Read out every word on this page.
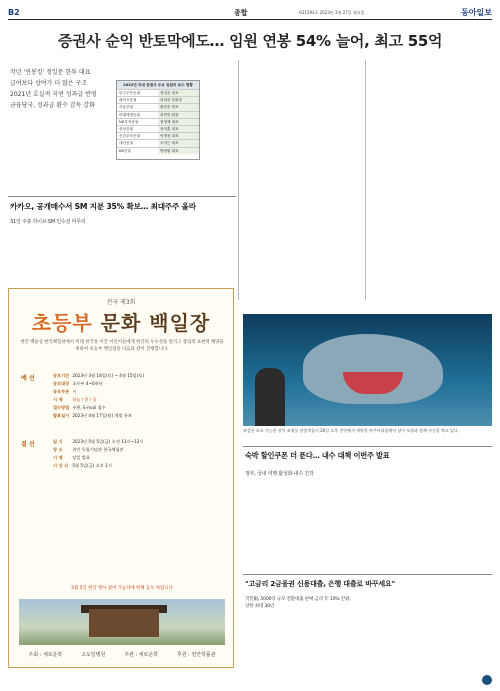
B2	종합	제31593호 2023년 3월 27일 월요일	동아일보
증권사 순익 반토막에도… 임원 연봉 54% 늘어, 최고 55억
작년 '연봉킹' 정일문 한투 대표
급여보다 상여가 더 많은 구조
2021년 호실적 지연 성과급 반영
금융당국, 성과급 환수 감독 강화
2022년 국내 증권사 주요 임원의 보수 현황
한국투자증권	정일문 대표
메리츠증권	최희문 부회장
키움증권	황현순 대표
미래에셋증권	최현만 회장
NH투자증권	정영채 대표
삼성증권	장석훈 대표
신한투자증권	이영창 대표
대신증권	오익근 대표
KB증권	박정림 대표
카카오, 공개매수서 SM 지분 35% 확보… 최대주주 올라
31일 주총 하이브·SM 인수전 마무리
전국 제3회
초등부 문화 백일장
천안 백윤칭 한국체험관에서 미래 한국을 이끌 어린이들에게 한글의 우수성을 알리고 창의적 표현력 배양을 위하여 초등부 백일장을 다음과 같이 진행합니다.
예 선	공모기간 2023년 3월 18일(토) ~ 4월 15일(토)
공모대상 초등부 4~6학년
공모부문 시
시 제 하늘 / 봄 / 꿈
접수방법 우편, E-mail 접수
발표일시 2023년 4월 17일(월) 개별 통보
결 선	일 시 2023년 5월 5일(금) 오전 11시~12시
장 소 천안 독립기념관 한국체험관
시 제 당일 발표
시 상 식 5월 5일(금) 오후 1시
5월 5일 현장 행사 참여 가능자에 한해 응모 바랍니다
주최 : 새로운학	고도일병원	주관 : 새로운학	후원 : 천안학플관
과감한 포즈 가능한 상어 조형물 관람객들이 26일 오후 천안에서 개막한 아쿠아리움에서 상어 모형과 함께 사진을 찍고 있다.
숙박 할인쿠폰 더 푼다… 내수 대책 이번주 발표
정부, 국내 여행 활성화·내수 진작
"고금리 2금융권 신용대출, 은행 대출로 바꾸세요"
국민銀, 5000억 규모 전환대출 판매 금리 年 10% 안팎, 상한 최대 30년
